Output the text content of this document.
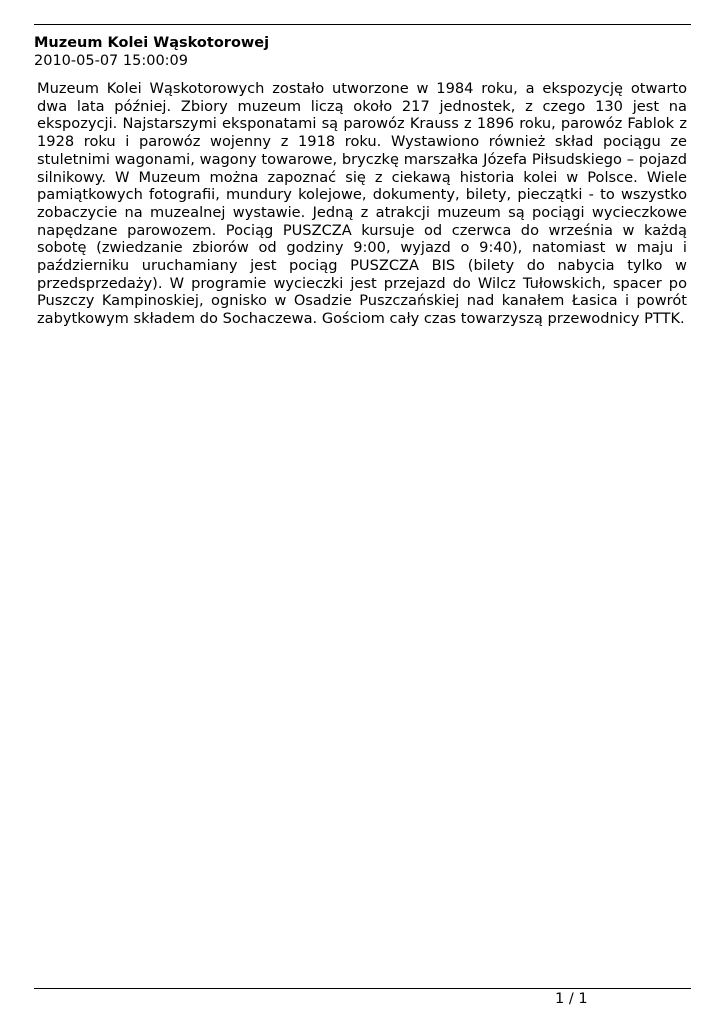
Muzeum Kolei Wąskotorowej
2010-05-07 15:00:09

Muzeum Kolei Wąskotorowych zostało utworzone w 1984 roku, a ekspozycję otwarto dwa lata później. Zbiory muzeum liczą około 217 jednostek, z czego 130 jest na ekspozycji. Najstarszymi eksponatami są parowóz Krauss z 1896 roku, parowóz Fablok z 1928 roku i parowóz wojenny z 1918 roku. Wystawiono również skład pociągu ze stuletnimi wagonami, wagony towarowe, bryczkę marszałka Józefa Piłsudskiego – pojazd silnikowy. W Muzeum można zapoznać się z ciekawą historia kolei w Polsce. Wiele pamiątkowych fotografii, mundury kolejowe, dokumenty, bilety, pieczątki - to wszystko zobaczycie na muzealnej wystawie. Jedną z atrakcji muzeum są pociągi wycieczkowe napędzane parowozem. Pociąg PUSZCZA kursuje od czerwca do września w każdą sobotę (zwiedzanie zbiorów od godziny 9:00, wyjazd o 9:40), natomiast w maju i październiku uruchamiany jest pociąg PUSZCZA BIS (bilety do nabycia tylko w przedsprzedaży). W programie wycieczki jest przejazd do Wilcz Tułowskich, spacer po Puszczy Kampinoskiej, ognisko w Osadzie Puszczańskiej nad kanałem Łasica i powrót zabytkowym składem do Sochaczewa. Gościom cały czas towarzyszą przewodnicy PTTK.

1 / 1
